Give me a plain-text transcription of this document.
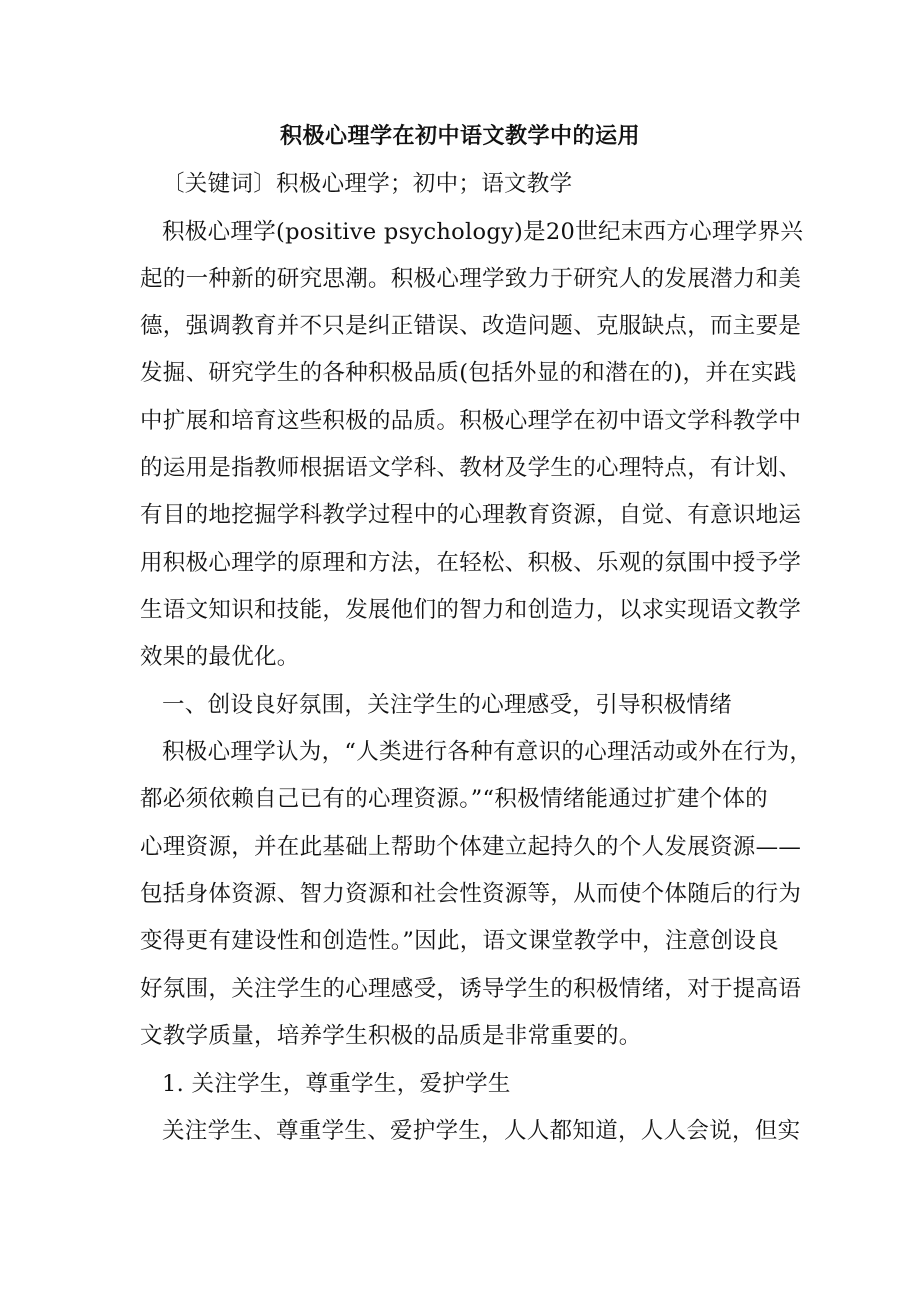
积极心理学在初中语文教学中的运用
〔关键词〕积极心理学；初中；语文教学
积极心理学(positive psychology)是20世纪末西方心理学界兴
起的一种新的研究思潮。积极心理学致力于研究人的发展潜力和美
德，强调教育并不只是纠正错误、改造问题、克服缺点，而主要是
发掘、研究学生的各种积极品质(包括外显的和潜在的)，并在实践
中扩展和培育这些积极的品质。积极心理学在初中语文学科教学中
的运用是指教师根据语文学科、教材及学生的心理特点，有计划、
有目的地挖掘学科教学过程中的心理教育资源，自觉、有意识地运
用积极心理学的原理和方法，在轻松、积极、乐观的氛围中授予学
生语文知识和技能，发展他们的智力和创造力，以求实现语文教学
效果的最优化。
一、创设良好氛围，关注学生的心理感受，引导积极情绪
积极心理学认为，“人类进行各种有意识的心理活动或外在行为，
都必须依赖自己已有的心理资源。”“积极情绪能通过扩建个体的
心理资源，并在此基础上帮助个体建立起持久的个人发展资源——
包括身体资源、智力资源和社会性资源等，从而使个体随后的行为
变得更有建设性和创造性。”因此，语文课堂教学中，注意创设良
好氛围，关注学生的心理感受，诱导学生的积极情绪，对于提高语
文教学质量，培养学生积极的品质是非常重要的。
1. 关注学生，尊重学生，爱护学生
关注学生、尊重学生、爱护学生，人人都知道，人人会说，但实
